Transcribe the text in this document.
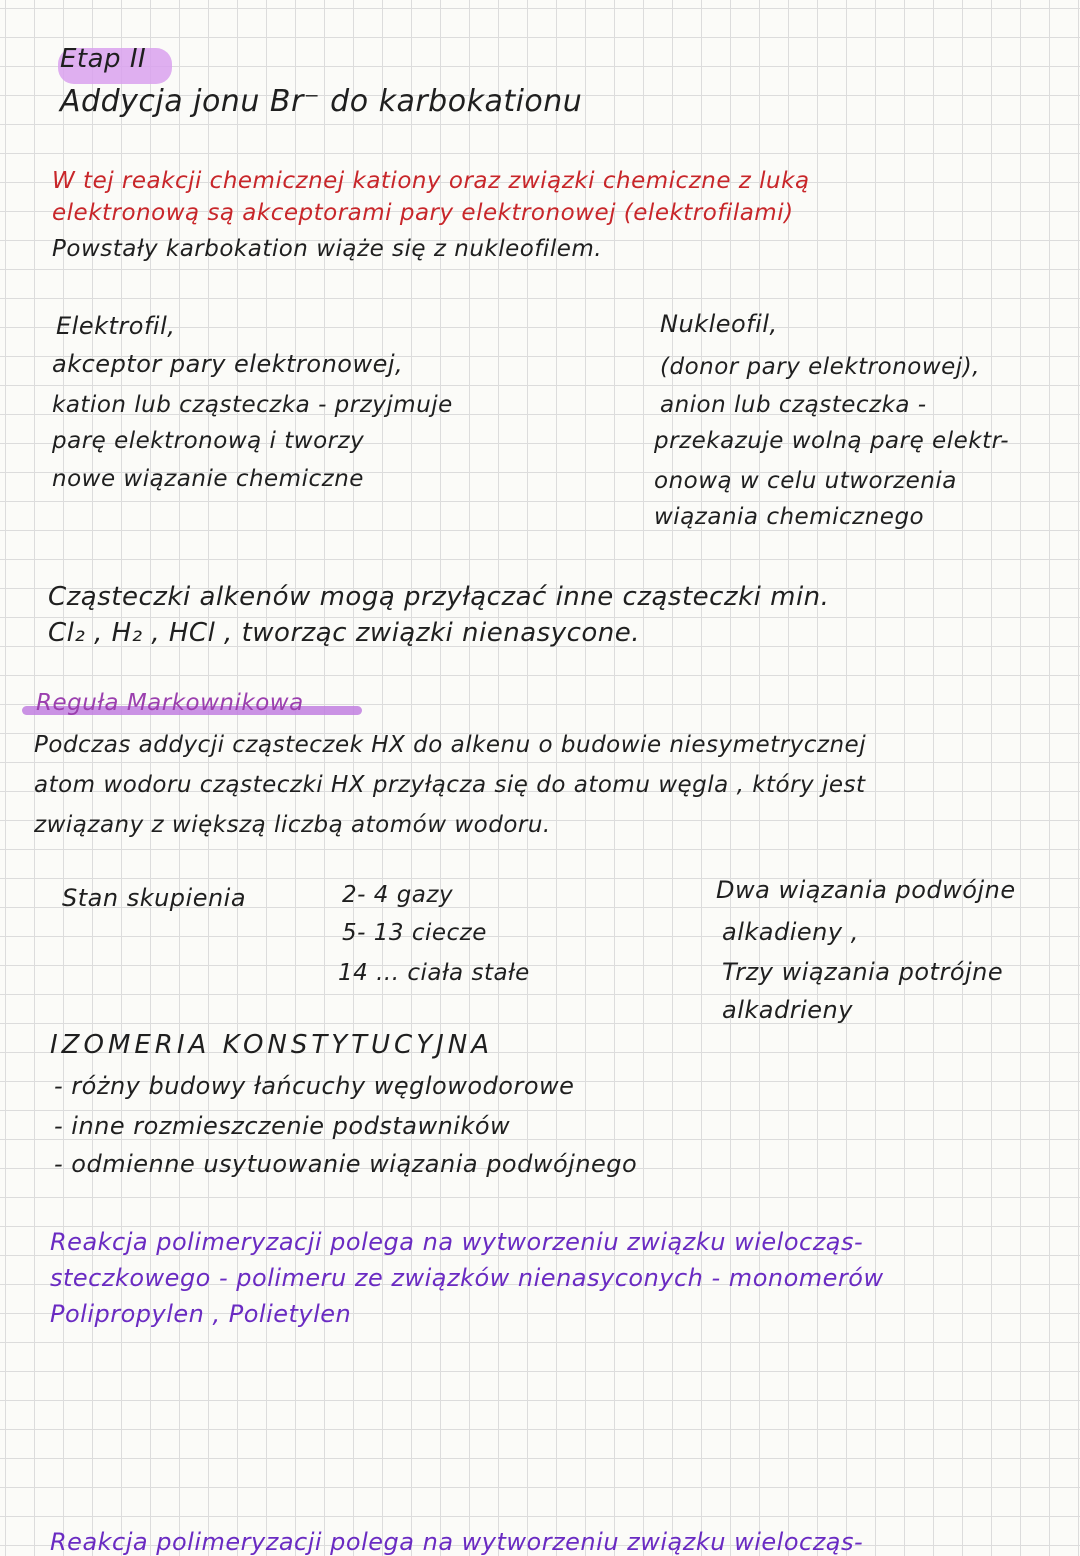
Etap II
Addycja jonu Br⁻ do karbokationu
W tej reakcji chemicznej kationy oraz związki chemiczne z luką
elektronową są akceptorami pary elektronowej (elektrofilami)
Powstały karbokation wiąże się z nukleofilem.
Elektrofil,
akceptor pary elektronowej,
kation lub cząsteczka - przyjmuje
parę elektronową i tworzy
nowe wiązanie chemiczne
Nukleofil,
(donor pary elektronowej),
anion lub cząsteczka -
przekazuje wolną parę elektr-
onową w celu utworzenia
wiązania chemicznego
Cząsteczki alkenów mogą przyłączać inne cząsteczki min.
Cl₂ , H₂ , HCl , tworząc związki nienasycone.
Reguła Markownikowa
Podczas addycji cząsteczek HX do alkenu o budowie niesymetrycznej
atom wodoru cząsteczki HX przyłącza się do atomu węgla , który jest
związany z większą liczbą atomów wodoru.
Stan skupienia	2- 4 gazy
5- 13 ciecze
14 ... ciała stałe
Dwa wiązania podwójne
alkadieny ,
Trzy wiązania potrójne
alkadrieny
IZOMERIA KONSTYTUCYJNA
- różny budowy łańcuchy węglowodorowe
- inne rozmieszczenie podstawników
- odmienne usytuowanie wiązania podwójnego
Reakcja polimeryzacji polega na wytworzeniu związku wielocząs-
Reakcja polimeryzacji polega na wytworzeniu związku wielocząs-
steczkowego - polimeru ze związków nienasyconych - monomerów
Polipropylen , Polietylen
